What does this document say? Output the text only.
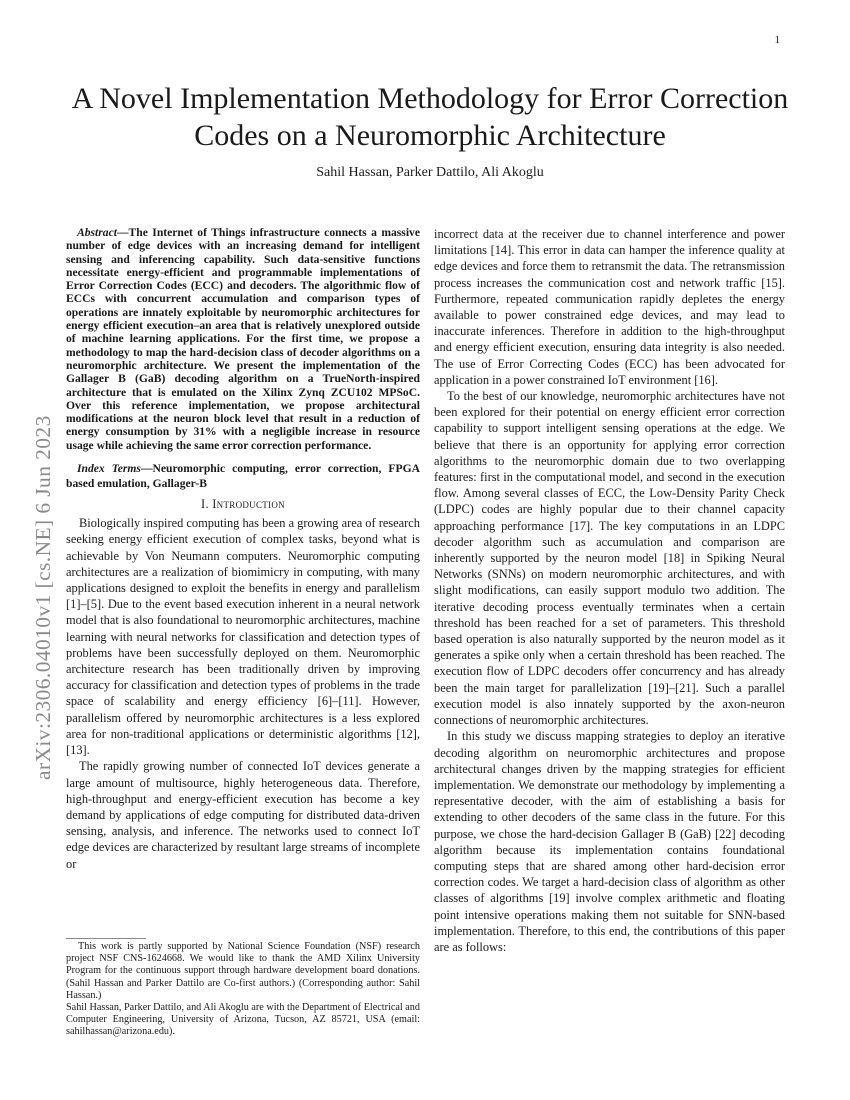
1
arXiv:2306.04010v1 [cs.NE] 6 Jun 2023
A Novel Implementation Methodology for Error Correction Codes on a Neuromorphic Architecture
Sahil Hassan, Parker Dattilo, Ali Akoglu

Abstract—The Internet of Things infrastructure connects a massive number of edge devices with an increasing demand for intelligent sensing and inferencing capability. Such data-sensitive functions necessitate energy-efficient and programmable implementations of Error Correction Codes (ECC) and decoders. The algorithmic flow of ECCs with concurrent accumulation and comparison types of operations are innately exploitable by neuromorphic architectures for energy efficient execution–an area that is relatively unexplored outside of machine learning applications. For the first time, we propose a methodology to map the hard-decision class of decoder algorithms on a neuromorphic architecture. We present the implementation of the Gallager B (GaB) decoding algorithm on a TrueNorth-inspired architecture that is emulated on the Xilinx Zynq ZCU102 MPSoC. Over this reference implementation, we propose architectural modifications at the neuron block level that result in a reduction of energy consumption by 31% with a negligible increase in resource usage while achieving the same error correction performance.

Index Terms—Neuromorphic computing, error correction, FPGA based emulation, Gallager-B

I. Introduction

Biologically inspired computing has been a growing area of research seeking energy efficient execution of complex tasks, beyond what is achievable by Von Neumann computers. Neuromorphic computing architectures are a realization of biomimicry in computing, with many applications designed to exploit the benefits in energy and parallelism [1]–[5]. Due to the event based execution inherent in a neural network model that is also foundational to neuromorphic architectures, machine learning with neural networks for classification and detection types of problems have been successfully deployed on them. Neuromorphic architecture research has been traditionally driven by improving accuracy for classification and detection types of problems in the trade space of scalability and energy efficiency [6]–[11]. However, parallelism offered by neuromorphic architectures is a less explored area for non-traditional applications or deterministic algorithms [12], [13].

The rapidly growing number of connected IoT devices generate a large amount of multisource, highly heterogeneous data. Therefore, high-throughput and energy-efficient execution has become a key demand by applications of edge computing for distributed data-driven sensing, analysis, and inference. The networks used to connect IoT edge devices are characterized by resultant large streams of incomplete or

This work is partly supported by National Science Foundation (NSF) research project NSF CNS-1624668. We would like to thank the AMD Xilinx University Program for the continuous support through hardware development board donations. (Sahil Hassan and Parker Dattilo are Co-first authors.) (Corresponding author: Sahil Hassan.)

Sahil Hassan, Parker Dattilo, and Ali Akoglu are with the Department of Electrical and Computer Engineering, University of Arizona, Tucson, AZ 85721, USA (email: sahilhassan@arizona.edu).

incorrect data at the receiver due to channel interference and power limitations [14]. This error in data can hamper the inference quality at edge devices and force them to retransmit the data. The retransmission process increases the communication cost and network traffic [15]. Furthermore, repeated communication rapidly depletes the energy available to power constrained edge devices, and may lead to inaccurate inferences. Therefore in addition to the high-throughput and energy efficient execution, ensuring data integrity is also needed. The use of Error Correcting Codes (ECC) has been advocated for application in a power constrained IoT environment [16].

To the best of our knowledge, neuromorphic architectures have not been explored for their potential on energy efficient error correction capability to support intelligent sensing operations at the edge. We believe that there is an opportunity for applying error correction algorithms to the neuromorphic domain due to two overlapping features: first in the computational model, and second in the execution flow. Among several classes of ECC, the Low-Density Parity Check (LDPC) codes are highly popular due to their channel capacity approaching performance [17]. The key computations in an LDPC decoder algorithm such as accumulation and comparison are inherently supported by the neuron model [18] in Spiking Neural Networks (SNNs) on modern neuromorphic architectures, and with slight modifications, can easily support modulo two addition. The iterative decoding process eventually terminates when a certain threshold has been reached for a set of parameters. This threshold based operation is also naturally supported by the neuron model as it generates a spike only when a certain threshold has been reached. The execution flow of LDPC decoders offer concurrency and has already been the main target for parallelization [19]–[21]. Such a parallel execution model is also innately supported by the axon-neuron connections of neuromorphic architectures.

In this study we discuss mapping strategies to deploy an iterative decoding algorithm on neuromorphic architectures and propose architectural changes driven by the mapping strategies for efficient implementation. We demonstrate our methodology by implementing a representative decoder, with the aim of establishing a basis for extending to other decoders of the same class in the future. For this purpose, we chose the hard-decision Gallager B (GaB) [22] decoding algorithm because its implementation contains foundational computing steps that are shared among other hard-decision error correction codes. We target a hard-decision class of algorithm as other classes of algorithms [19] involve complex arithmetic and floating point intensive operations making them not suitable for SNN-based implementation. Therefore, to this end, the contributions of this paper are as follows:
